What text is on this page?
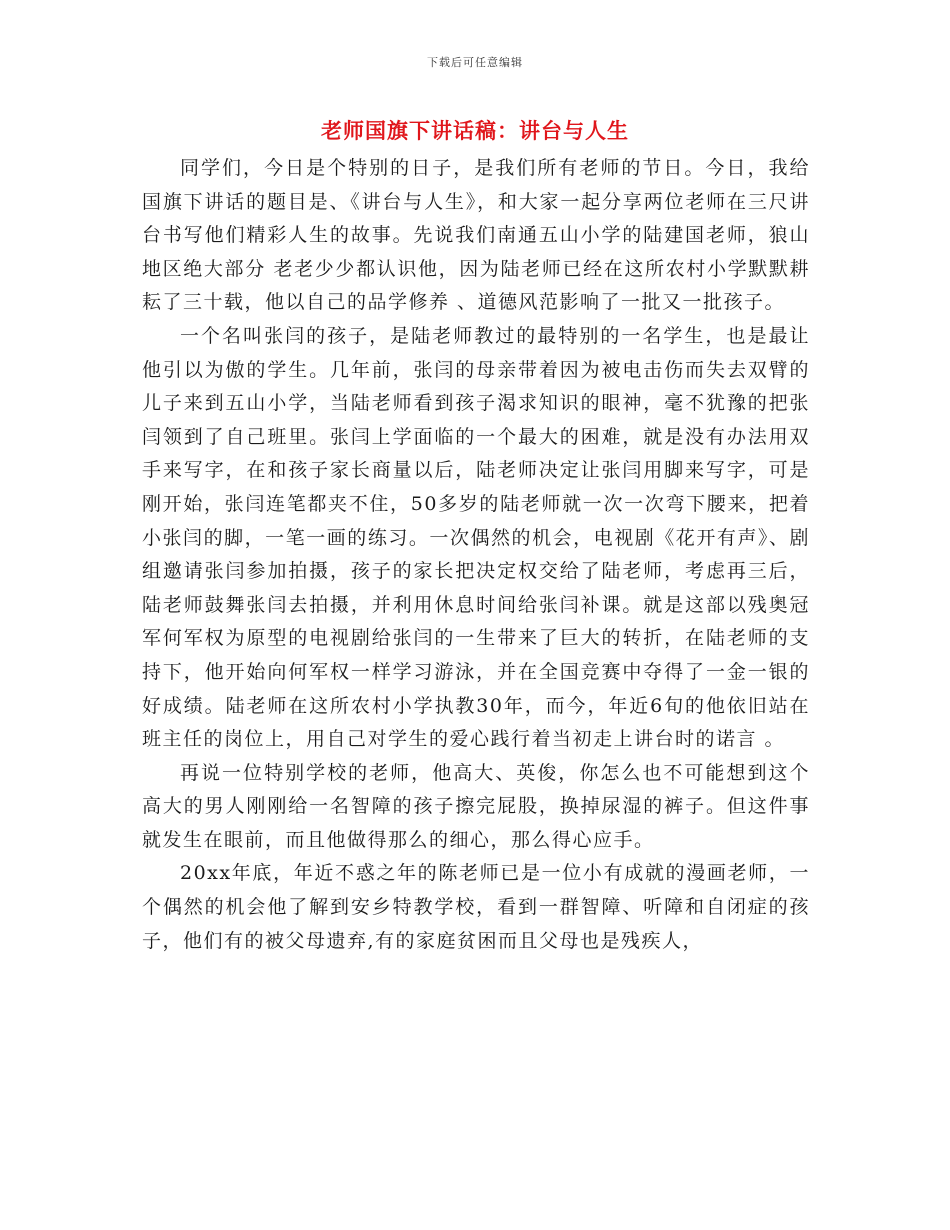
下载后可任意编辑
老师国旗下讲话稿：讲台与人生

同学们，今日是个特别的日子，是我们所有老师的节日。今日，我给国旗下讲话的题目是、《讲台与人生》，和大家一起分享两位老师在三尺讲台书写他们精彩人生的故事。先说我们南通五山小学的陆建国老师，狼山地区绝大部分 老老少少都认识他，因为陆老师已经在这所农村小学默默耕耘了三十载，他以自己的品学修养 、道德风范影响了一批又一批孩子。

一个名叫张闫的孩子，是陆老师教过的最特别的一名学生，也是最让他引以为傲的学生。几年前，张闫的母亲带着因为被电击伤而失去双臂的儿子来到五山小学，当陆老师看到孩子渴求知识的眼神，毫不犹豫的把张闫领到了自己班里。张闫上学面临的一个最大的困难，就是没有办法用双手来写字，在和孩子家长商量以后，陆老师决定让张闫用脚来写字，可是刚开始，张闫连笔都夹不住，50多岁的陆老师就一次一次弯下腰来，把着小张闫的脚，一笔一画的练习。一次偶然的机会，电视剧《花开有声》、剧组邀请张闫参加拍摄，孩子的家长把决定权交给了陆老师，考虑再三后，陆老师鼓舞张闫去拍摄，并利用休息时间给张闫补课。就是这部以残奥冠军何军权为原型的电视剧给张闫的一生带来了巨大的转折，在陆老师的支持下，他开始向何军权一样学习游泳，并在全国竞赛中夺得了一金一银的好成绩。陆老师在这所农村小学执教30年，而今，年近6旬的他依旧站在班主任的岗位上，用自己对学生的爱心践行着当初走上讲台时的诺言 。

再说一位特别学校的老师，他高大、英俊，你怎么也不可能想到这个高大的男人刚刚给一名智障的孩子擦完屁股，换掉尿湿的裤子。但这件事就发生在眼前，而且他做得那么的细心，那么得心应手。

20xx年底，年近不惑之年的陈老师已是一位小有成就的漫画老师，一个偶然的机会他了解到安乡特教学校，看到一群智障、听障和自闭症的孩子，他们有的被父母遗弃,有的家庭贫困而且父母也是残疾人，
